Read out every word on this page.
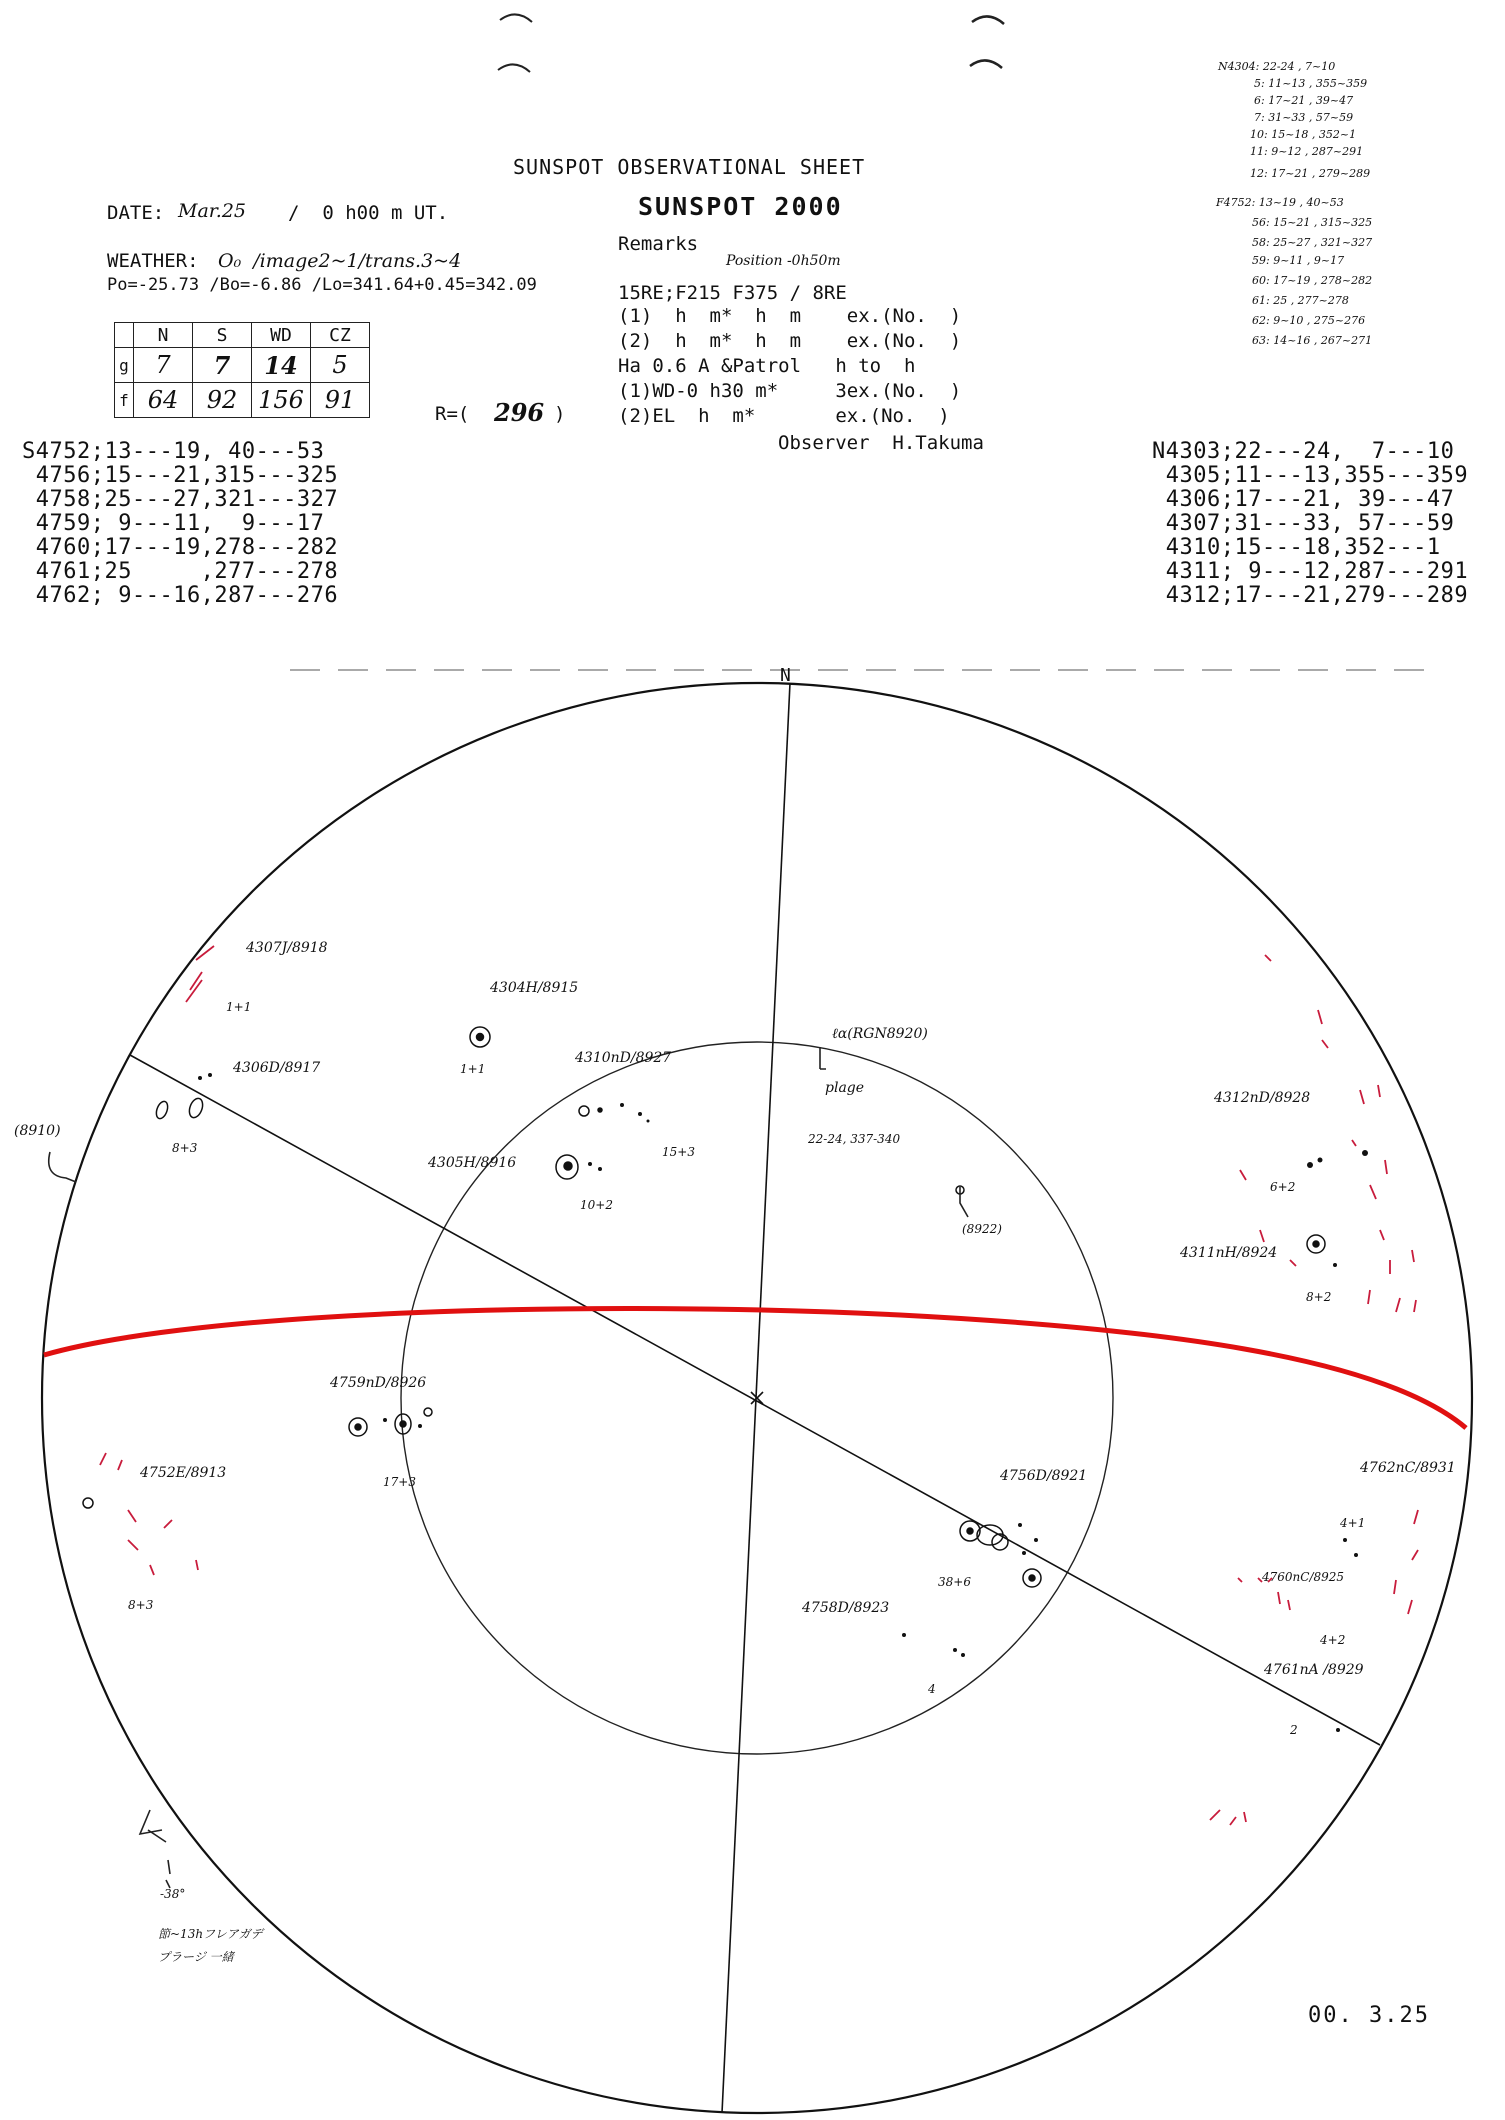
SUNSPOT OBSERVATIONAL SHEET
SUNSPOT 2000
DATE: Mar.25 /  0 h00 m UT.
WEATHER: O₀  /image2~1/trans.3~4
Po=-25.73 /Bo=-6.86 /Lo=341.64+0.45=342.09
Remarks
Position -0h50m
15RE;F215 F375 / 8RE
(1)  h  m*  h  m    ex.(No.  )
(2)  h  m*  h  m    ex.(No.  )
Ha 0.6 A &Patrol   h to  h
(1)WD-0 h30 m*     3ex.(No.  )
(2)EL  h  m*       ex.(No.  )
Observer  H.Takuma
	N	S	WD	CZ
g	7	7	14	5
f	64	92	156	91	R=( 296 )
S4752;13---19, 40---53
4756;15---21,315---325
4758;25---27,321---327
4759; 9---11,  9---17
4760;17---19,278---282
4761;25     ,277---278
4762; 9---16,287---276
N4303;22---24,  7---10
4305;11---13,355---359
4306;17---21, 39---47
4307;31---33, 57---59
4310;15---18,352---1
4311; 9---12,287---291
4312;17---21,279---289
N4304: 22-24 , 7~10
5: 11~13 , 355~359
6: 17~21 , 39~47
7: 31~33 , 57~59
10: 15~18 , 352~1
11: 9~12 , 287~291
12: 17~21 , 279~289
F4752: 13~19 , 40~53
56: 15~21 , 315~325
58: 25~27 , 321~327
59: 9~11 , 9~17
60: 17~19 , 278~282
61: 25 , 277~278
62: 9~10 , 275~276
63: 14~16 , 267~271
N
4307J/8918
1+1
4304H/8915
1+1
4306D/8917
8+3
(8910)
4310nD/8927
15+3
4305H/8916
10+2
ℓα(RGN8920)
plage
22-24, 337-340
(8922)
4312nD/8928
6+2
4311nH/8924
8+2
4759nD/8926
17+3
4752E/8913
8+3
4756D/8921
38+6
4758D/8923
4
4762nC/8931
4+1
4760nC/8925
4+2
4761nA /8929
2
-38°
節~13hフレアガデ
プラージ 一緒
00. 3.25
